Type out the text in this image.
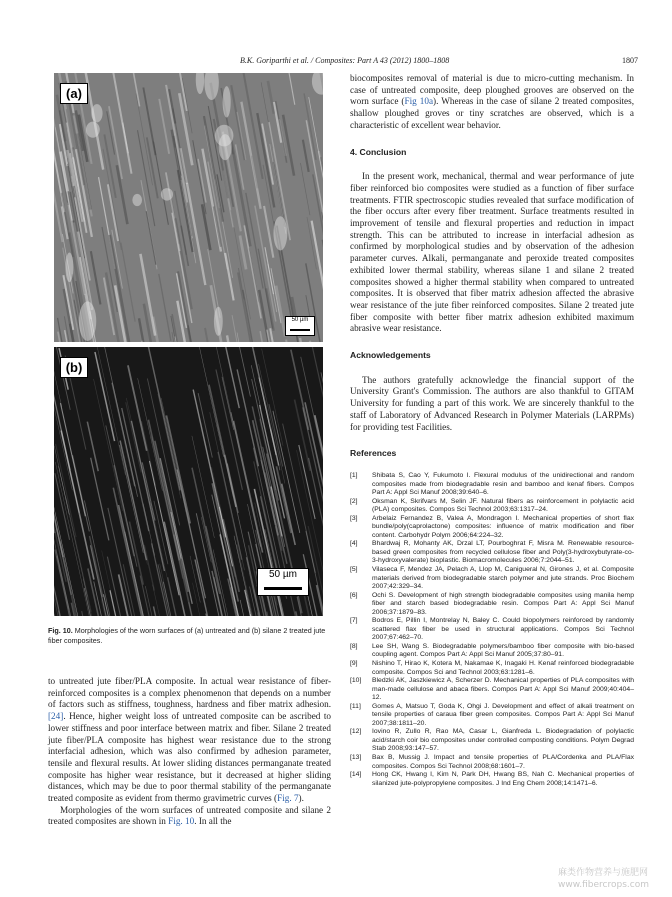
B.K. Goriparthi et al. / Composites: Part A 43 (2012) 1800–1808	1807
(a)
50 µm
(b)
50 µm
Fig. 10. Morphologies of the worn surfaces of (a) untreated and (b) silane 2 treated jute fiber composites.

to untreated jute fiber/PLA composite. In actual wear resistance of fiber-reinforced composites is a complex phenomenon that depends on a number of factors such as stiffness, toughness, hardness and fiber matrix adhesion. [24]. Hence, higher weight loss of untreated composite can be ascribed to lower stiffness and poor interface between matrix and fiber. Silane 2 treated jute fiber/PLA composite has highest wear resistance due to the strong interfacial adhesion, which was also confirmed by adhesion parameter, tensile and flexural results. At lower sliding distances permanganate treated composite has higher wear resistance, but it decreased at higher sliding distances, which may be due to poor thermal stability of the permanganate treated composite as evident from thermo gravimetric curves (Fig. 7).

Morphologies of the worn surfaces of untreated composite and silane 2 treated composites are shown in Fig. 10. In all the

biocomposites removal of material is due to micro-cutting mechanism. In case of untreated composite, deep ploughed grooves are observed on the worn surface (Fig 10a). Whereas in the case of silane 2 treated composites, shallow ploughed groves or tiny scratches are observed, which is a characteristic of excellent wear behavior.

4. Conclusion

In the present work, mechanical, thermal and wear performance of jute fiber reinforced bio composites were studied as a function of fiber surface treatments. FTIR spectroscopic studies revealed that surface modification of the fiber occurs after every fiber treatment. Surface treatments resulted in improvement of tensile and flexural properties and reduction in impact strength. This can be attributed to increase in interfacial adhesion as confirmed by morphological studies and by observation of the adhesion parameter curves. Alkali, permanganate and peroxide treated composites exhibited lower thermal stability, whereas silane 1 and silane 2 treated composites showed a higher thermal stability when compared to untreated composites. It is observed that fiber matrix adhesion affected the abrasive wear resistance of the jute fiber reinforced composites. Silane 2 treated jute fiber composite with better fiber matrix adhesion exhibited maximum abrasive wear resistance.

Acknowledgements

The authors gratefully acknowledge the financial support of the University Grant's Commission. The authors are also thankful to GITAM University for funding a part of this work. We are sincerely thankful to the staff of Laboratory of Advanced Research in Polymer Materials (LARPMs) for providing test Facilities.

References
[1] Shibata S, Cao Y, Fukumoto I. Flexural modulus of the unidirectional and random composites made from biodegradable resin and bamboo and kenaf fibers. Compos Part A: Appl Sci Manuf 2008;39:640–6.
[2] Oksman K, Skrifvars M, Selin JF. Natural fibers as reinforcement in polylactic acid (PLA) composites. Compos Sci Technol 2003;63:1317–24.
[3] Arbelaiz Fernandez B, Valea A, Mondragon I. Mechanical properties of short flax bundle/poly(caprolactone) composites: influence of matrix modification and fiber content. Carbohydr Polym 2006;64:224–32.
[4] Bhardwaj R, Mohanty AK, Drzal LT, Pourboghrat F, Misra M. Renewable resource-based green composites from recycled cellulose fiber and Poly(3-hydroxybutyrate-co-3-hydroxyvalerate) bioplastic. Biomacromolecules 2006;7:2044–51.
[5] Vilaseca F, Mendez JA, Pelach A, Llop M, Canigueral N, Girones J, et al. Composite materials derived from biodegradable starch polymer and jute strands. Proc Biochem 2007;42:329–34.
[6] Ochi S. Development of high strength biodegradable composites using manila hemp fiber and starch based biodegradable resin. Compos Part A: Appl Sci Manuf 2006;37:1879–83.
[7] Bodros E, Pillin I, Montrelay N, Baley C. Could biopolymers reinforced by randomly scattered flax fiber be used in structural applications. Compos Sci Technol 2007;67:462–70.
[8] Lee SH, Wang S. Biodegradable polymers/bamboo fiber composite with bio-based coupling agent. Compos Part A: Appl Sci Manuf 2005;37:80–91.
[9] Nishino T, Hirao K, Kotera M, Nakamae K, Inagaki H. Kenaf reinforced biodegradable composite. Compos Sci and Technol 2003;63:1281–6.
[10] Bledzki AK, Jaszkiewicz A, Scherzer D. Mechanical properties of PLA composites with man-made cellulose and abaca fibers. Compos Part A: Appl Sci Manuf 2009;40:404–12.
[11] Gomes A, Matsuo T, Goda K, Ohgi J. Development and effect of alkali treatment on tensile properties of caraua fiber green composites. Compos Part A: Appl Sci Manuf 2007;38:1811–20.
[12] Iovino R, Zullo R, Rao MA, Casar L, Gianfreda L. Biodegradation of polylactic acid/starch coir bio composites under controlled composting conditions. Polym Degrad Stab 2008;93:147–57.
[13] Bax B, Mussig J. Impact and tensile properties of PLA/Cordenka and PLA/Flax composites. Compos Sci Technol 2008;68:1601–7.
[14] Hong CK, Hwang I, Kim N, Park DH, Hwang BS, Nah C. Mechanical properties of silanized jute-polypropylene composites. J Ind Eng Chem 2008;14:1471–6.
麻类作物营养与施肥网
www.fibercrops.com
